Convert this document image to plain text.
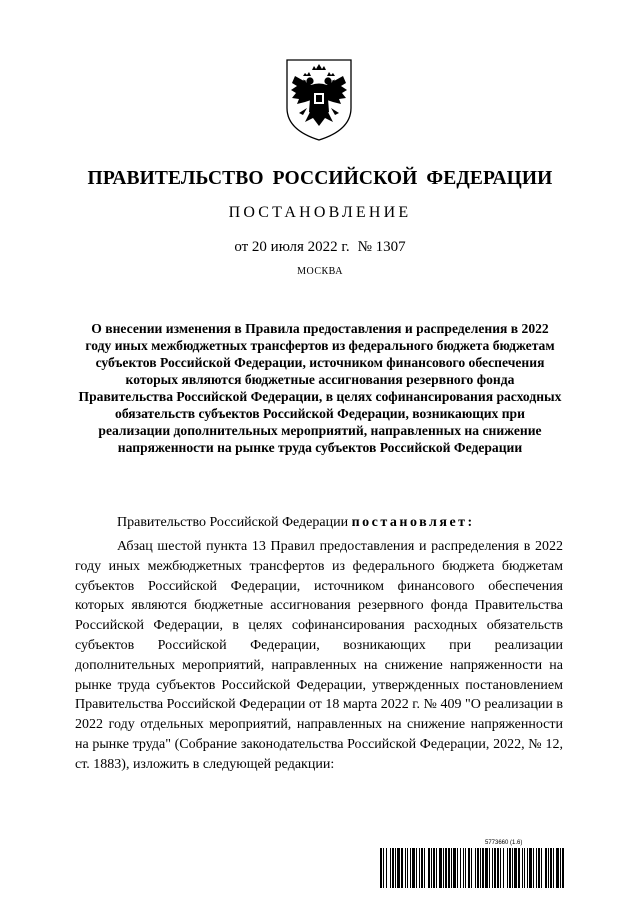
ПРАВИТЕЛЬСТВО РОССИЙСКОЙ ФЕДЕРАЦИИ
ПОСТАНОВЛЕНИЕ
от 20 июля 2022 г. № 1307
МОСКВА
О внесении изменения в Правила предоставления и распределения в 2022 году иных межбюджетных трансфертов из федерального бюджета бюджетам субъектов Российской Федерации, источником финансового обеспечения которых являются бюджетные ассигнования резервного фонда Правительства Российской Федерации, в целях софинансирования расходных обязательств субъектов Российской Федерации, возникающих при реализации дополнительных мероприятий, направленных на снижение напряженности на рынке труда субъектов Российской Федерации
Правительство Российской Федерации постановляет:
Абзац шестой пункта 13 Правил предоставления и распределения в 2022 году иных межбюджетных трансфертов из федерального бюджета бюджетам субъектов Российской Федерации, источником финансового обеспечения которых являются бюджетные ассигнования резервного фонда Правительства Российской Федерации, в целях софинансирования расходных обязательств субъектов Российской Федерации, возникающих при реализации дополнительных мероприятий, направленных на снижение напряженности на рынке труда субъектов Российской Федерации, утвержденных постановлением Правительства Российской Федерации от 18 марта 2022 г. № 409 "О реализации в 2022 году отдельных мероприятий, направленных на снижение напряженности на рынке труда" (Собрание законодательства Российской Федерации, 2022, № 12, ст. 1883), изложить в следующей редакции:
5773660 (1.6)
